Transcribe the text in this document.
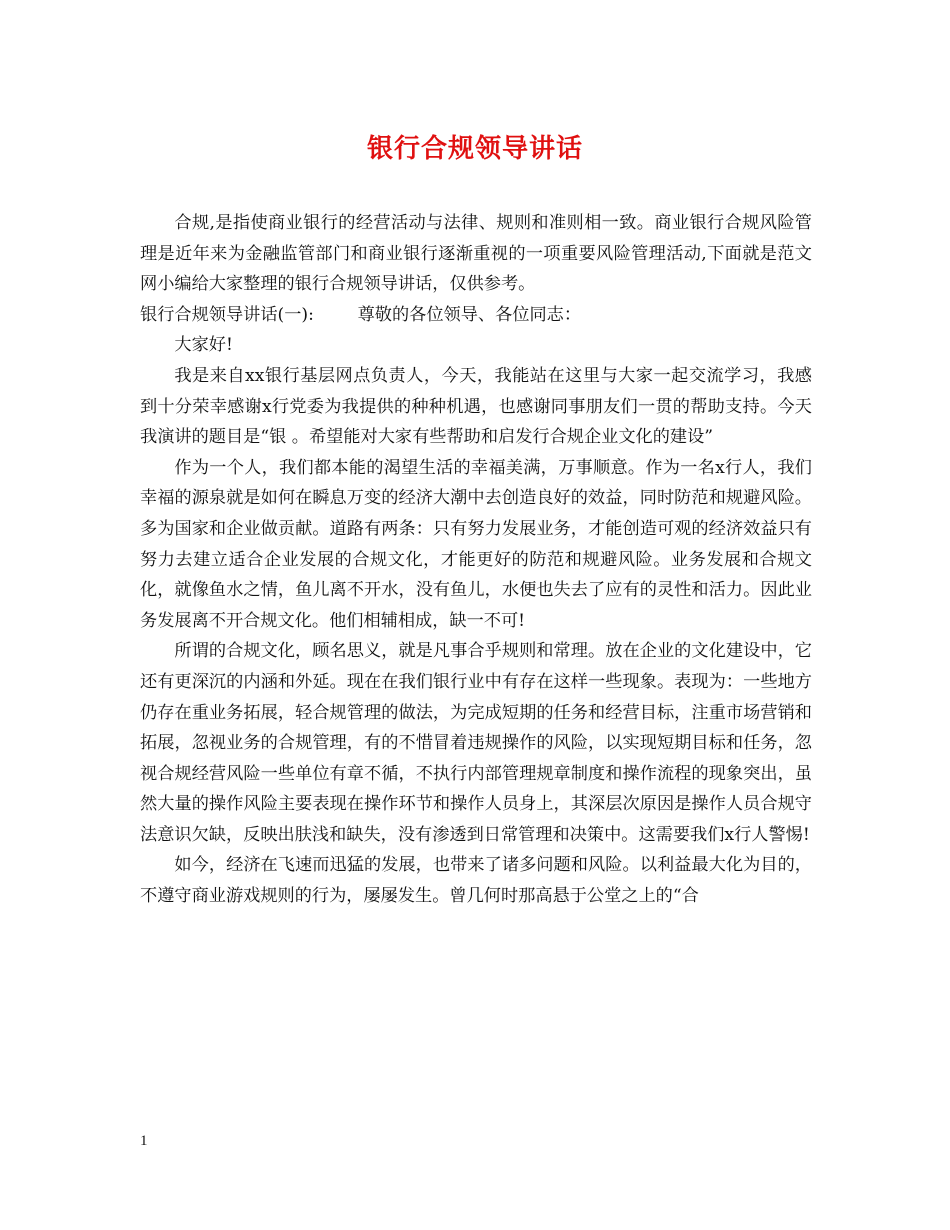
银行合规领导讲话

合规,是指使商业银行的经营活动与法律、规则和准则相一致。商业银行合规风险管理是近年来为金融监管部门和商业银行逐渐重视的一项重要风险管理活动,下面就是范文网小编给大家整理的银行合规领导讲话，仅供参考。

银行合规领导讲话(一):        尊敬的各位领导、各位同志：

大家好!

我是来自xx银行基层网点负责人，今天，我能站在这里与大家一起交流学习，我感到十分荣幸感谢x行党委为我提供的种种机遇，也感谢同事朋友们一贯的帮助支持。今天我演讲的题目是“银 。希望能对大家有些帮助和启发行合规企业文化的建设”

作为一个人，我们都本能的渴望生活的幸福美满，万事顺意。作为一名x行人，我们幸福的源泉就是如何在瞬息万变的经济大潮中去创造良好的效益，同时防范和规避风险。多为国家和企业做贡献。道路有两条：只有努力发展业务，才能创造可观的经济效益只有努力去建立适合企业发展的合规文化，才能更好的防范和规避风险。业务发展和合规文化，就像鱼水之情，鱼儿离不开水，没有鱼儿，水便也失去了应有的灵性和活力。因此业务发展离不开合规文化。他们相辅相成，缺一不可!

所谓的合规文化，顾名思义，就是凡事合乎规则和常理。放在企业的文化建设中，它还有更深沉的内涵和外延。现在在我们银行业中有存在这样一些现象。表现为：一些地方仍存在重业务拓展，轻合规管理的做法，为完成短期的任务和经营目标，注重市场营销和拓展，忽视业务的合规管理，有的不惜冒着违规操作的风险，以实现短期目标和任务，忽视合规经营风险一些单位有章不循，不执行内部管理规章制度和操作流程的现象突出，虽然大量的操作风险主要表现在操作环节和操作人员身上，其深层次原因是操作人员合规守法意识欠缺，反映出肤浅和缺失，没有渗透到日常管理和决策中。这需要我们x行人警惕!

如今，经济在飞速而迅猛的发展，也带来了诸多问题和风险。以利益最大化为目的，不遵守商业游戏规则的行为，屡屡发生。曾几何时那高悬于公堂之上的“合

1
